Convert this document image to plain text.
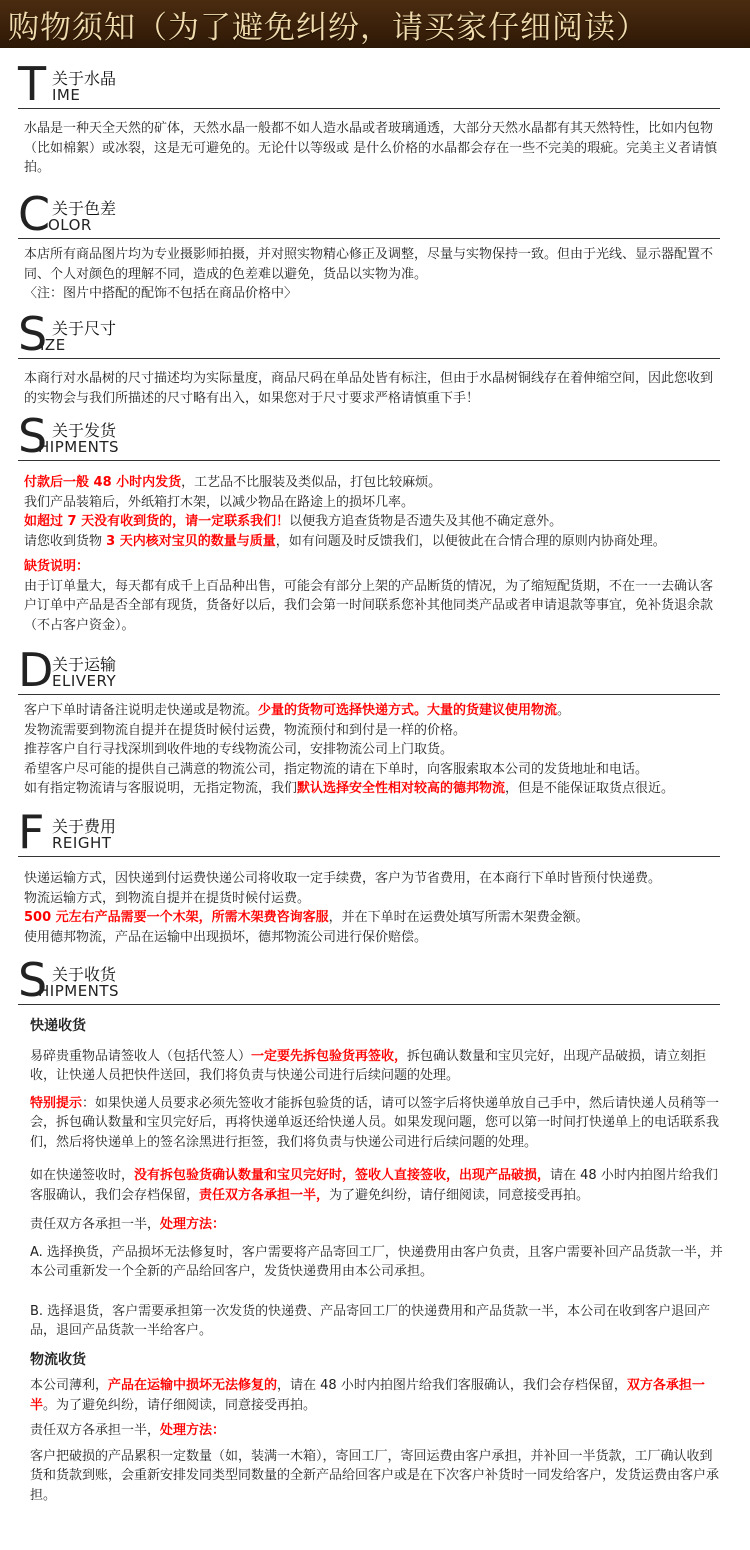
购物须知（为了避免纠纷，请买家仔细阅读）
T 关于水晶
IME

水晶是一种天全天然的矿体，天然水晶一般都不如人造水晶或者玻璃通透，大部分天然水晶都有其天然特性，比如内包物（比如棉絮）或冰裂，这是无可避免的。无论什以等级或 是什么价格的水晶都会存在一些不完美的瑕疵。完美主义者请慎拍。

C 关于色差
OLOR

本店所有商品图片均为专业摄影师拍摄，并对照实物精心修正及调整，尽量与实物保持一致。但由于光线、显示器配置不同、个人对颜色的理解不同，造成的色差难以避免，货品以实物为准。

〈注：图片中搭配的配饰不包括在商品价格中〉

S 关于尺寸
IZE

本商行对水晶树的尺寸描述均为实际量度，商品尺码在单品处皆有标注，但由于水晶树铜线存在着伸缩空间，因此您收到的实物会与我们所描述的尺寸略有出入，如果您对于尺寸要求严格请慎重下手！

S 关于发货
HIPMENTS

付款后一般 48 小时内发货，工艺品不比服装及类似品，打包比较麻烦。

我们产品装箱后，外纸箱打木架，以减少物品在路途上的损坏几率。

如超过 7 天没有收到货的，请一定联系我们！以便我方追查货物是否遗失及其他不确定意外。

请您收到货物 3 天内核对宝贝的数量与质量，如有问题及时反馈我们，以便彼此在合情合理的原则内协商处理。

缺货说明：

由于订单量大，每天都有成千上百品种出售，可能会有部分上架的产品断货的情况，为了缩短配货期，不在一一去确认客户订单中产品是否全部有现货，货备好以后，我们会第一时间联系您补其他同类产品或者申请退款等事宜，免补货退余款（不占客户资金）。

D
关于运输
ELIVERY

客户下单时请备注说明走快递或是物流。少量的货物可选择快递方式。大量的货建议使用物流。

发物流需要到物流自提并在提货时候付运费，物流预付和到付是一样的价格。

推荐客户自行寻找深圳到收件地的专线物流公司，安排物流公司上门取货。

希望客户尽可能的提供自己满意的物流公司，指定物流的请在下单时，向客服索取本公司的发货地址和电话。

如有指定物流请与客服说明，无指定物流，我们默认选择安全性相对较高的德邦物流，但是不能保证取货点很近。

F 关于费用
REIGHT

快递运输方式，因快递到付运费快递公司将收取一定手续费，客户为节省费用，在本商行下单时皆预付快递费。

物流运输方式，到物流自提并在提货时候付运费。

500 元左右产品需要一个木架，所需木架费咨询客服，并在下单时在运费处填写所需木架费金额。

使用德邦物流，产品在运输中出现损坏，德邦物流公司进行保价赔偿。

S 关于收货
HIPMENTS

快递收货

易碎贵重物品请签收人（包括代签人）一定要先拆包验货再签收，拆包确认数量和宝贝完好，出现产品破损，请立刻拒收，让快递人员把快件送回，我们将负责与快递公司进行后续问题的处理。

特别提示：如果快递人员要求必须先签收才能拆包验货的话，请可以签字后将快递单放自己手中，然后请快递人员稍等一会，拆包确认数量和宝贝完好后，再将快递单返还给快递人员。如果发现问题，您可以第一时间打快递单上的电话联系我们，然后将快递单上的签名涂黑进行拒签，我们将负责与快递公司进行后续问题的处理。

如在快递签收时，没有拆包验货确认数量和宝贝完好时，签收人直接签收，出现产品破损，请在 48 小时内拍图片给我们客服确认，我们会存档保留，责任双方各承担一半，为了避免纠纷，请仔细阅读，同意接受再拍。

责任双方各承担一半，处理方法：

A. 选择换货，产品损坏无法修复时，客户需要将产品寄回工厂，快递费用由客户负责，且客户需要补回产品货款一半，并本公司重新发一个全新的产品给回客户，发货快递费用由本公司承担。

B. 选择退货，客户需要承担第一次发货的快递费、产品寄回工厂的快递费用和产品货款一半，本公司在收到客户退回产品，退回产品货款一半给客户。

物流收货

本公司薄利，产品在运输中损坏无法修复的，请在 48 小时内拍图片给我们客服确认，我们会存档保留，双方各承担一半。为了避免纠纷，请仔细阅读，同意接受再拍。

责任双方各承担一半，处理方法：

客户把破损的产品累积一定数量（如，装满一木箱），寄回工厂，寄回运费由客户承担，并补回一半货款，工厂确认收到货和货款到账，会重新安排发同类型同数量的全新产品给回客户或是在下次客户补货时一同发给客户，发货运费由客户承担。
